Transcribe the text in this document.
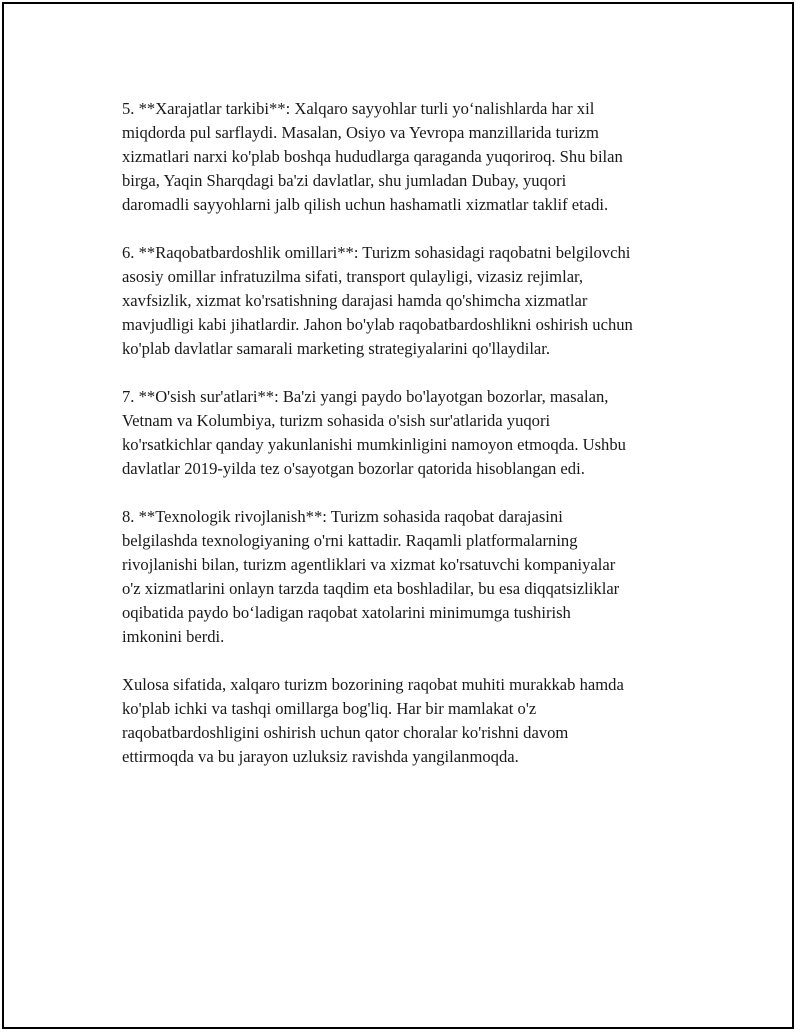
5. **Xarajatlar tarkibi**: Xalqaro sayyohlar turli yo‘nalishlarda har xil
miqdorda pul sarflaydi. Masalan, Osiyo va Yevropa manzillarida turizm
xizmatlari narxi ko'plab boshqa hududlarga qaraganda yuqoriroq. Shu bilan
birga, Yaqin Sharqdagi ba'zi davlatlar, shu jumladan Dubay, yuqori
daromadli sayyohlarni jalb qilish uchun hashamatli xizmatlar taklif etadi.

6. **Raqobatbardoshlik omillari**: Turizm sohasidagi raqobatni belgilovchi
asosiy omillar infratuzilma sifati, transport qulayligi, vizasiz rejimlar,
xavfsizlik, xizmat ko'rsatishning darajasi hamda qo'shimcha xizmatlar
mavjudligi kabi jihatlardir. Jahon bo'ylab raqobatbardoshlikni oshirish uchun
ko'plab davlatlar samarali marketing strategiyalarini qo'llaydilar.

7. **O'sish sur'atlari**: Ba'zi yangi paydo bo'layotgan bozorlar, masalan,
Vetnam va Kolumbiya, turizm sohasida o'sish sur'atlarida yuqori
ko'rsatkichlar qanday yakunlanishi mumkinligini namoyon etmoqda. Ushbu
davlatlar 2019-yilda tez o'sayotgan bozorlar qatorida hisoblangan edi.

8. **Texnologik rivojlanish**: Turizm sohasida raqobat darajasini
belgilashda texnologiyaning o'rni kattadir. Raqamli platformalarning
rivojlanishi bilan, turizm agentliklari va xizmat ko'rsatuvchi kompaniyalar
o'z xizmatlarini onlayn tarzda taqdim eta boshladilar, bu esa diqqatsizliklar
oqibatida paydo bo‘ladigan raqobat xatolarini minimumga tushirish
imkonini berdi.

Xulosa sifatida, xalqaro turizm bozorining raqobat muhiti murakkab hamda
ko'plab ichki va tashqi omillarga bog'liq. Har bir mamlakat o'z
raqobatbardoshligini oshirish uchun qator choralar ko'rishni davom
ettirmoqda va bu jarayon uzluksiz ravishda yangilanmoqda.
